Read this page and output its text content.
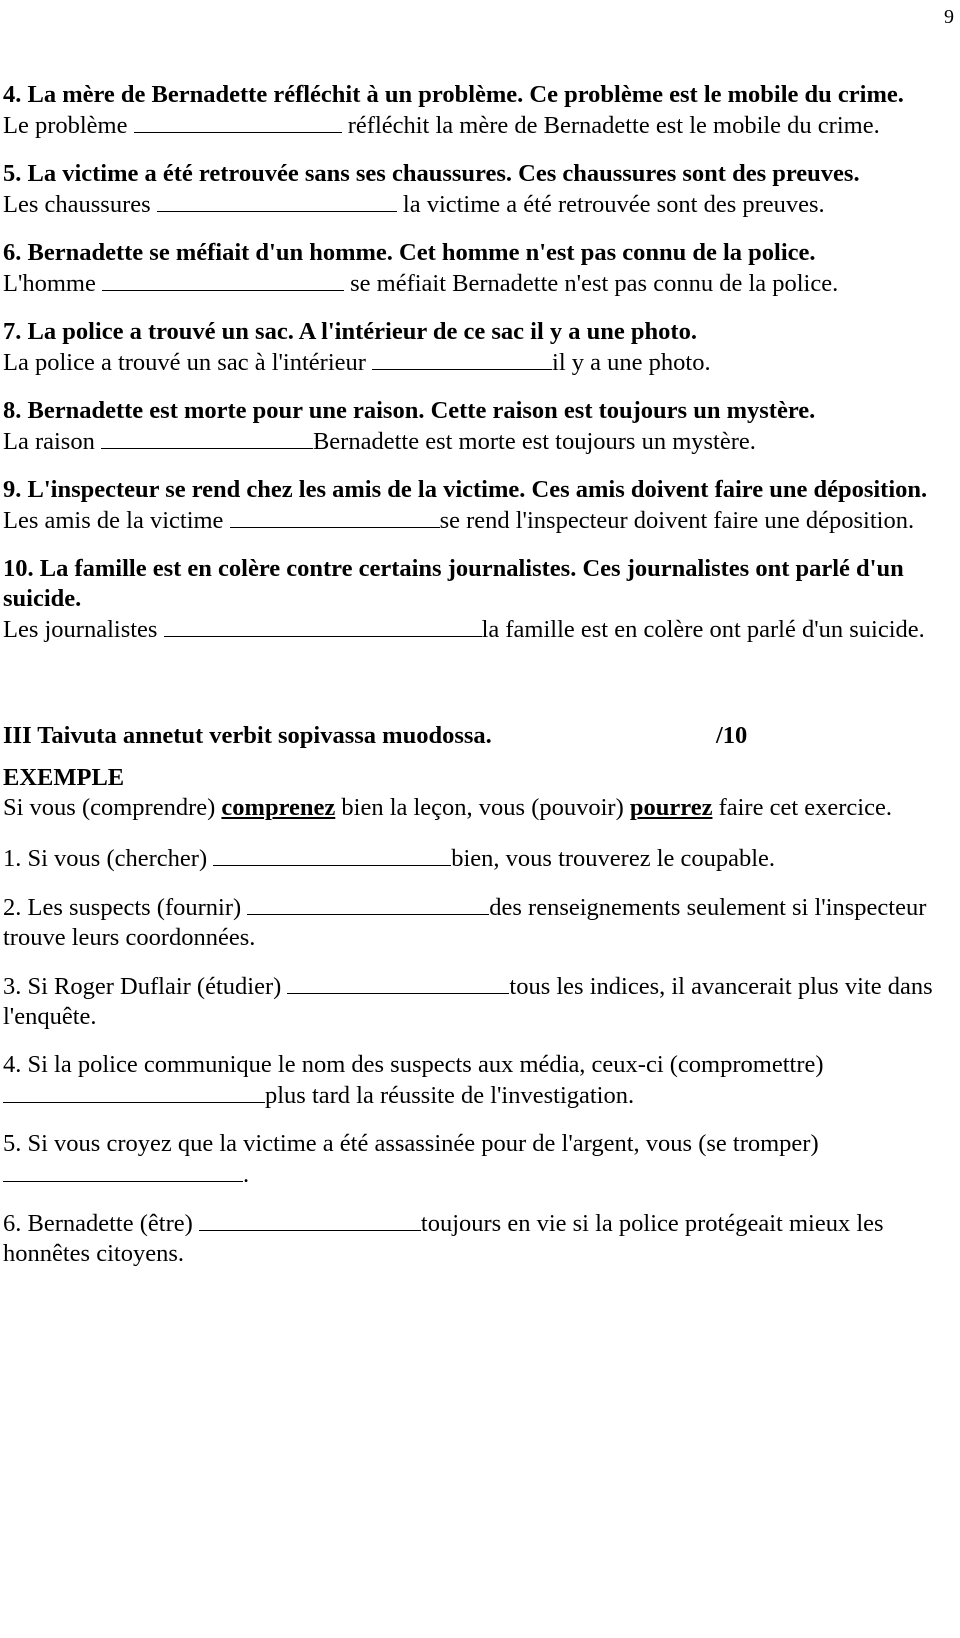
9
4. La mère de Bernadette réfléchit à un problème. Ce problème est le mobile du crime.
Le problème	réfléchit la mère de Bernadette est le mobile du crime.
5. La victime a été retrouvée sans ses chaussures. Ces chaussures sont des preuves.
Les chaussures	la victime a été retrouvée sont des preuves.
6. Bernadette se méfiait d'un homme. Cet homme n'est pas connu de la police.
L'homme	se méfiait Bernadette n'est pas connu de la police.
7. La police a trouvé un sac. A l'intérieur de ce sac il y a une photo.
La police a trouvé un sac à l'intérieur	il y a une photo.
8. Bernadette est morte pour une raison. Cette raison est toujours un mystère.
La raison	Bernadette est morte est toujours un mystère.
9. L'inspecteur se rend chez les amis de la victime. Ces amis doivent faire une déposition.
Les amis de la victime	se rend l'inspecteur doivent faire une déposition.
10. La famille est en colère contre certains journalistes. Ces journalistes ont parlé d'un suicide.
Les journalistes	la famille est en colère ont parlé d'un suicide.
III Taivuta annetut verbit sopivassa muodossa.	/10
EXEMPLE
Si vous (comprendre) comprenez bien la leçon, vous (pouvoir) pourrez faire cet exercice.
1. Si vous (chercher)	bien, vous trouverez le coupable.
2. Les suspects (fournir)	des renseignements seulement si l'inspecteur trouve leurs coordonnées.
3. Si Roger Duflair (étudier)	tous les indices, il avancerait plus vite dans l'enquête.
4. Si la police communique le nom des suspects aux média, ceux-ci (compromettre) plus tard la réussite de l'investigation.
5. Si vous croyez que la victime a été assassinée pour de l'argent, vous (se tromper).
6. Bernadette (être)	toujours en vie si la police protégeait mieux les honnêtes citoyens.
